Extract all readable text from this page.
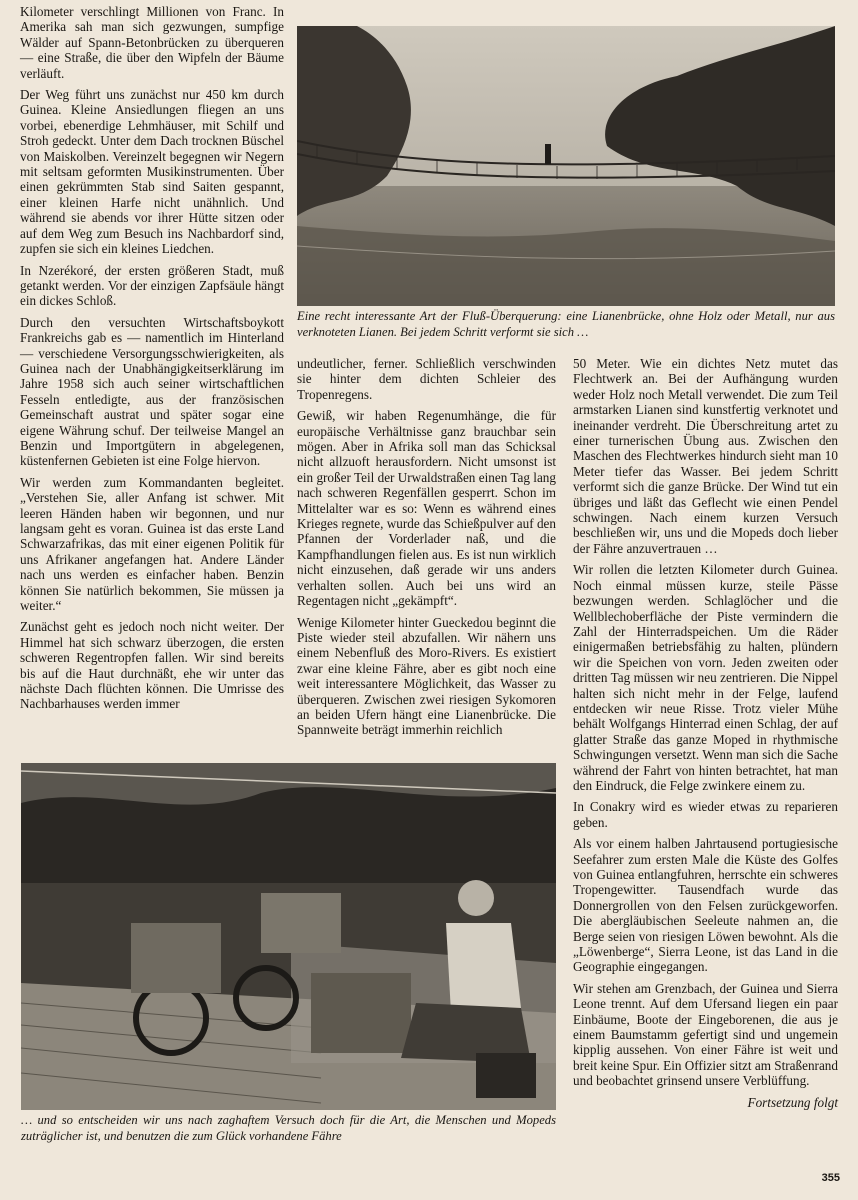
Kilometer verschlingt Millionen von Franc. In Amerika sah man sich gezwungen, sumpfige Wälder auf Spann-Betonbrücken zu überqueren — eine Straße, die über den Wipfeln der Bäume verläuft.

Der Weg führt uns zunächst nur 450 km durch Guinea. Kleine Ansiedlungen fliegen an uns vorbei, ebenerdige Lehmhäuser, mit Schilf und Stroh gedeckt. Unter dem Dach trocknen Büschel von Maiskolben. Vereinzelt begegnen wir Negern mit seltsam geformten Musikinstrumenten. Über einen gekrümmten Stab sind Saiten gespannt, einer kleinen Harfe nicht unähnlich. Und während sie abends vor ihrer Hütte sitzen oder auf dem Weg zum Besuch ins Nachbardorf sind, zupfen sie sich ein kleines Liedchen.

In Nzerékoré, der ersten größeren Stadt, muß getankt werden. Vor der einzigen Zapfsäule hängt ein dickes Schloß.

Durch den versuchten Wirtschaftsboykott Frankreichs gab es — namentlich im Hinterland — verschiedene Versorgungsschwierigkeiten, als Guinea nach der Unabhängigkeitserklärung im Jahre 1958 sich auch seiner wirtschaftlichen Fesseln entledigte, aus der französischen Gemeinschaft austrat und später sogar eine eigene Währung schuf. Der teilweise Mangel an Benzin und Importgütern in abgelegenen, küstenfernen Gebieten ist eine Folge hiervon.

Wir werden zum Kommandanten begleitet. „Verstehen Sie, aller Anfang ist schwer. Mit leeren Händen haben wir begonnen, und nur langsam geht es voran. Guinea ist das erste Land Schwarzafrikas, das mit einer eigenen Politik für uns Afrikaner angefangen hat. Andere Länder nach uns werden es einfacher haben. Benzin können Sie natürlich bekommen, Sie müssen ja weiter.“

Zunächst geht es jedoch noch nicht weiter. Der Himmel hat sich schwarz überzogen, die ersten schweren Regentropfen fallen. Wir sind bereits bis auf die Haut durchnäßt, ehe wir unter das nächste Dach flüchten können. Die Umrisse des Nachbarhauses werden immer

Eine recht interessante Art der Fluß-Überquerung: eine Lianenbrücke, ohne Holz oder Metall, nur aus verknoteten Lianen. Bei jedem Schritt verformt sie sich …

undeutlicher, ferner. Schließlich verschwinden sie hinter dem dichten Schleier des Tropenregens.

Gewiß, wir haben Regenumhänge, die für europäische Verhältnisse ganz brauchbar sein mögen. Aber in Afrika soll man das Schicksal nicht allzuoft herausfordern. Nicht umsonst ist ein großer Teil der Urwaldstraßen einen Tag lang nach schweren Regenfällen gesperrt. Schon im Mittelalter war es so: Wenn es während eines Krieges regnete, wurde das Schießpulver auf den Pfannen der Vorderlader naß, und die Kampfhandlungen fielen aus. Es ist nun wirklich nicht einzusehen, daß gerade wir uns anders verhalten sollen. Auch bei uns wird an Regentagen nicht „gekämpft“.

Wenige Kilometer hinter Gueckedou beginnt die Piste wieder steil abzufallen. Wir nähern uns einem Nebenfluß des Moro-Rivers. Es existiert zwar eine kleine Fähre, aber es gibt noch eine weit interessantere Möglichkeit, das Wasser zu überqueren. Zwischen zwei riesigen Sykomoren an beiden Ufern hängt eine Lianenbrücke. Die Spannweite beträgt immerhin reichlich

50 Meter. Wie ein dichtes Netz mutet das Flechtwerk an. Bei der Aufhängung wurden weder Holz noch Metall verwendet. Die zum Teil armstarken Lianen sind kunstfertig verknotet und ineinander verdreht. Die Überschreitung artet zu einer turnerischen Übung aus. Zwischen den Maschen des Flechtwerkes hindurch sieht man 10 Meter tiefer das Wasser. Bei jedem Schritt verformt sich die ganze Brücke. Der Wind tut ein übriges und läßt das Geflecht wie einen Pendel schwingen. Nach einem kurzen Versuch beschließen wir, uns und die Mopeds doch lieber der Fähre anzuvertrauen …

Wir rollen die letzten Kilometer durch Guinea. Noch einmal müssen kurze, steile Pässe bezwungen werden. Schlaglöcher und die Wellblechoberfläche der Piste vermindern die Zahl der Hinterradspeichen. Um die Räder einigermaßen betriebsfähig zu halten, plündern wir die Speichen von vorn. Jeden zweiten oder dritten Tag müssen wir neu zentrieren. Die Nippel halten sich nicht mehr in der Felge, laufend entdecken wir neue Risse. Trotz vieler Mühe behält Wolfgangs Hinterrad einen Schlag, der auf glatter Straße das ganze Moped in rhythmische Schwingungen versetzt. Wenn man sich die Sache während der Fahrt von hinten betrachtet, hat man den Eindruck, die Felge zwinkere einem zu.

In Conakry wird es wieder etwas zu reparieren geben.

Als vor einem halben Jahrtausend portugiesische Seefahrer zum ersten Male die Küste des Golfes von Guinea entlangfuhren, herrschte ein schweres Tropengewitter. Tausendfach wurde das Donnergrollen von den Felsen zurückgeworfen. Die abergläubischen Seeleute nahmen an, die Berge seien von riesigen Löwen bewohnt. Als die „Löwenberge“, Sierra Leone, ist das Land in die Geographie eingegangen.

Wir stehen am Grenzbach, der Guinea und Sierra Leone trennt. Auf dem Ufersand liegen ein paar Einbäume, Boote der Eingeborenen, die aus je einem Baumstamm gefertigt sind und ungemein kipplig aussehen. Von einer Fähre ist weit und breit keine Spur. Ein Offizier sitzt am Straßenrand und beobachtet grinsend unsere Verblüffung.

Fortsetzung folgt

… und so entscheiden wir uns nach zaghaftem Versuch doch für die Art, die Menschen und Mopeds zuträglicher ist, und benutzen die zum Glück vorhandene Fähre
355
